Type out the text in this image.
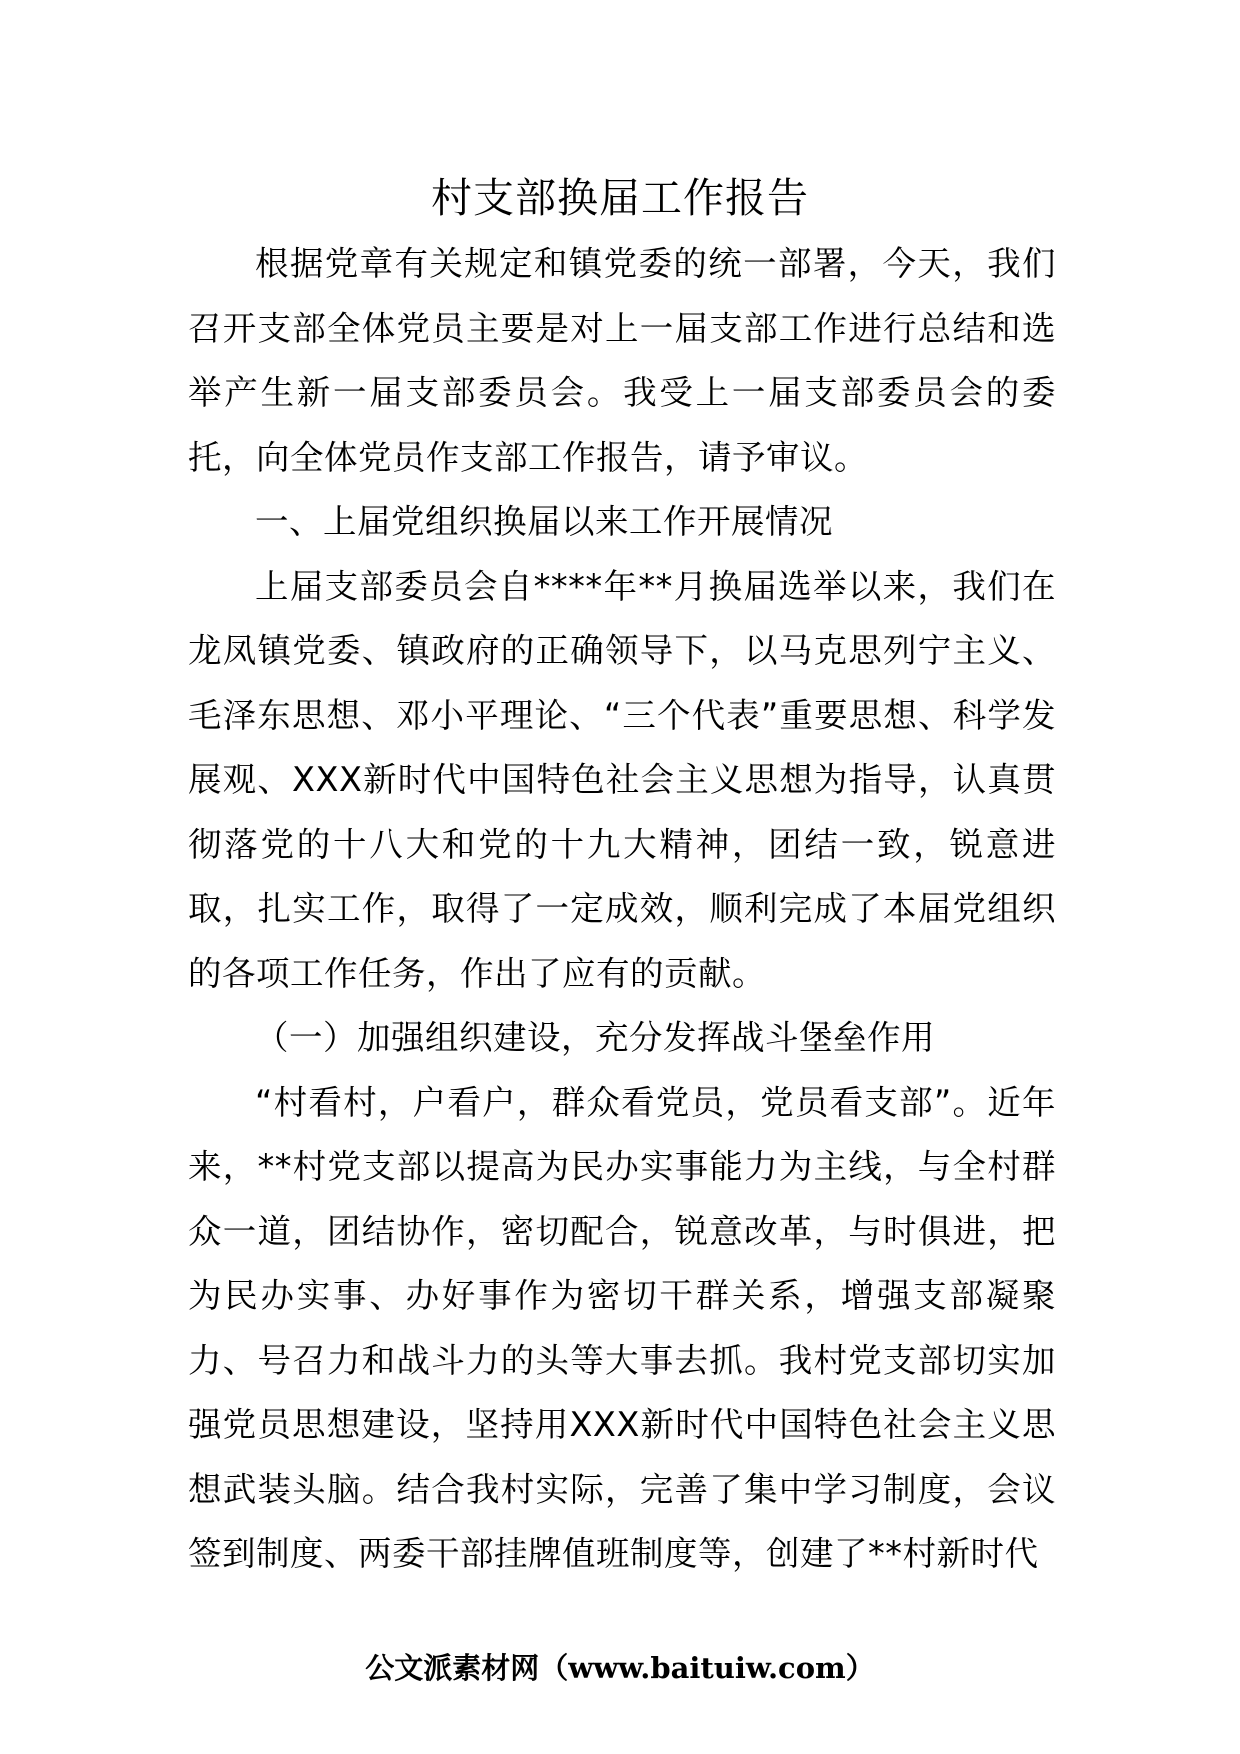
村支部换届工作报告

根据党章有关规定和镇党委的统一部署，今天，我们召开支部全体党员主要是对上一届支部工作进行总结和选举产生新一届支部委员会。我受上一届支部委员会的委托，向全体党员作支部工作报告，请予审议。

一、上届党组织换届以来工作开展情况

上届支部委员会自****年**月换届选举以来，我们在龙凤镇党委、镇政府的正确领导下，以马克思列宁主义、毛泽东思想、邓小平理论、“三个代表”重要思想、科学发展观、XXX新时代中国特色社会主义思想为指导，认真贯彻落党的十八大和党的十九大精神，团结一致，锐意进取，扎实工作，取得了一定成效，顺利完成了本届党组织的各项工作任务，作出了应有的贡献。

（一）加强组织建设，充分发挥战斗堡垒作用

“村看村，户看户，群众看党员，党员看支部”。近年来，**村党支部以提高为民办实事能力为主线，与全村群众一道，团结协作，密切配合，锐意改革，与时俱进，把为民办实事、办好事作为密切干群关系，增强支部凝聚力、号召力和战斗力的头等大事去抓。我村党支部切实加强党员思想建设，坚持用XXX新时代中国特色社会主义思想武装头脑。结合我村实际，完善了集中学习制度，会议签到制度、两委干部挂牌值班制度等，创建了**村新时代

公文派素材网（www.baituiw.com）
